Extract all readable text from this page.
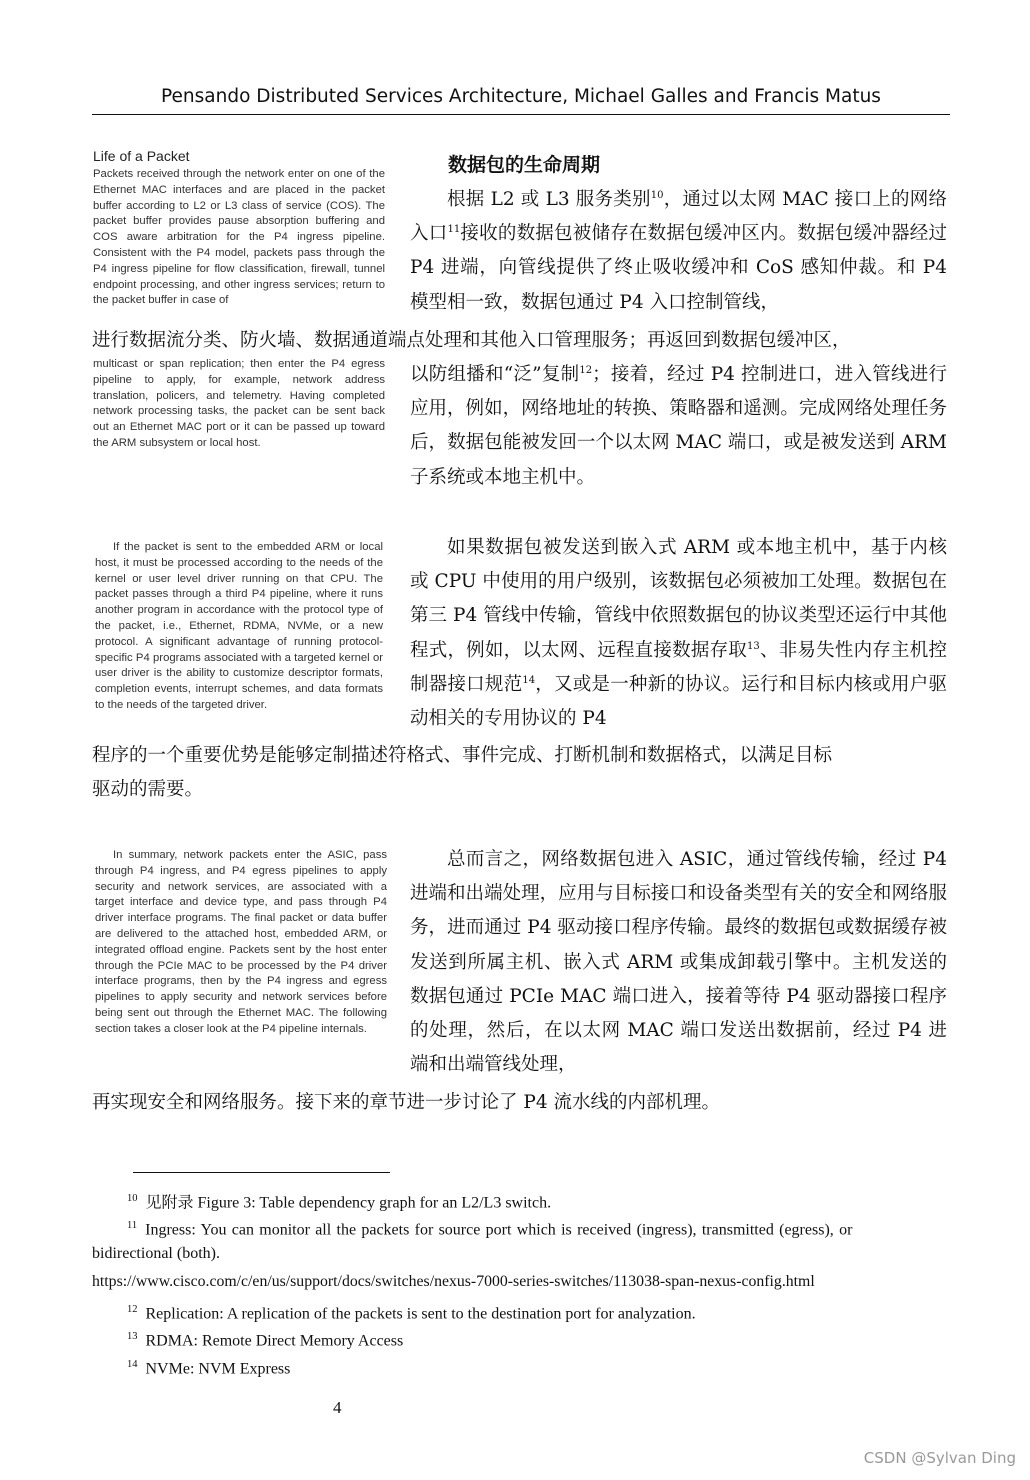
Pensando Distributed Services Architecture, Michael Galles and Francis Matus
Life of a Packet
Packets received through the network enter on one of the Ethernet MAC interfaces and are placed in the packet buffer according to L2 or L3 class of service (COS). The packet buffer provides pause absorption buffering and COS aware arbitration for the P4 ingress pipeline. Consistent with the P4 model, packets pass through the P4 ingress pipeline for flow classification, firewall, tunnel endpoint processing, and other ingress services; return to the packet buffer in case of
multicast or span replication; then enter the P4 egress pipeline to apply, for example, network address translation, policers, and telemetry. Having completed network processing tasks, the packet can be sent back out an Ethernet MAC port or it can be passed up toward the ARM subsystem or local host.
If the packet is sent to the embedded ARM or local host, it must be processed according to the needs of the kernel or user level driver running on that CPU. The packet passes through a third P4 pipeline, where it runs another program in accordance with the protocol type of the packet, i.e., Ethernet, RDMA, NVMe, or a new protocol. A significant advantage of running protocol-specific P4 programs associated with a targeted kernel or user driver is the ability to customize descriptor formats, completion events, interrupt schemes, and data formats to the needs of the targeted driver.
In summary, network packets enter the ASIC, pass through P4 ingress, and P4 egress pipelines to apply security and network services, are associated with a target interface and device type, and pass through P4 driver interface programs. The final packet or data buffer are delivered to the attached host, embedded ARM, or integrated offload engine. Packets sent by the host enter through the PCIe MAC to be processed by the P4 driver interface programs, then by the P4 ingress and egress pipelines to apply security and network services before being sent out through the Ethernet MAC. The following section takes a closer look at the P4 pipeline internals.
数据包的生命周期
根据 L2 或 L3 服务类别$^{10}$，通过以太网 MAC 接口上的网络入口$^{11}$接收的数据包被储存在数据包缓冲区内。数据包缓冲器经过 P4 进端，向管线提供了终止吸收缓冲和 CoS 感知仲裁。和 P4 模型相一致，数据包通过 P4 入口控制管线，
进行数据流分类、防火墙、数据通道端点处理和其他入口管理服务；再返回到数据包缓冲区，
以防组播和“泛”复制$^{12}$；接着，经过 P4 控制进口，进入管线进行应用，例如，网络地址的转换、策略器和遥测。完成网络处理任务后，数据包能被发回一个以太网 MAC 端口，或是被发送到 ARM 子系统或本地主机中。
如果数据包被发送到嵌入式 ARM 或本地主机中，基于内核或 CPU 中使用的用户级别，该数据包必须被加工处理。数据包在第三 P4 管线中传输，管线中依照数据包的协议类型还运行中其他程式，例如，以太网、远程直接数据存取$^{13}$、非易失性内存主机控制器接口规范$^{14}$，又或是一种新的协议。运行和目标内核或用户驱动相关的专用协议的 P4
程序的一个重要优势是能够定制描述符格式、事件完成、打断机制和数据格式，以满足目标
驱动的需要。
总而言之，网络数据包进入 ASIC，通过管线传输，经过 P4 进端和出端处理，应用与目标接口和设备类型有关的安全和网络服务，进而通过 P4 驱动接口程序传输。最终的数据包或数据缓存被发送到所属主机、嵌入式 ARM 或集成卸载引擎中。主机发送的数据包通过 PCIe MAC 端口进入，接着等待 P4 驱动器接口程序的处理，然后，在以太网 MAC 端口发送出数据前，经过 P4 进端和出端管线处理，
再实现安全和网络服务。接下来的章节进一步讨论了 P4 流水线的内部机理。
$^{10}$ 见附录 Figure 3: Table dependency graph for an L2/L3 switch.
$^{11}$ Ingress: You can monitor all the packets for source port which is received (ingress), transmitted (egress), or
bidirectional (both).
https://www.cisco.com/c/en/us/support/docs/switches/nexus-7000-series-switches/113038-span-nexus-config.html
$^{12}$ Replication: A replication of the packets is sent to the destination port for analyzation.
$^{13}$ RDMA: Remote Direct Memory Access
$^{14}$ NVMe: NVM Express
4
CSDN @Sylvan Ding
